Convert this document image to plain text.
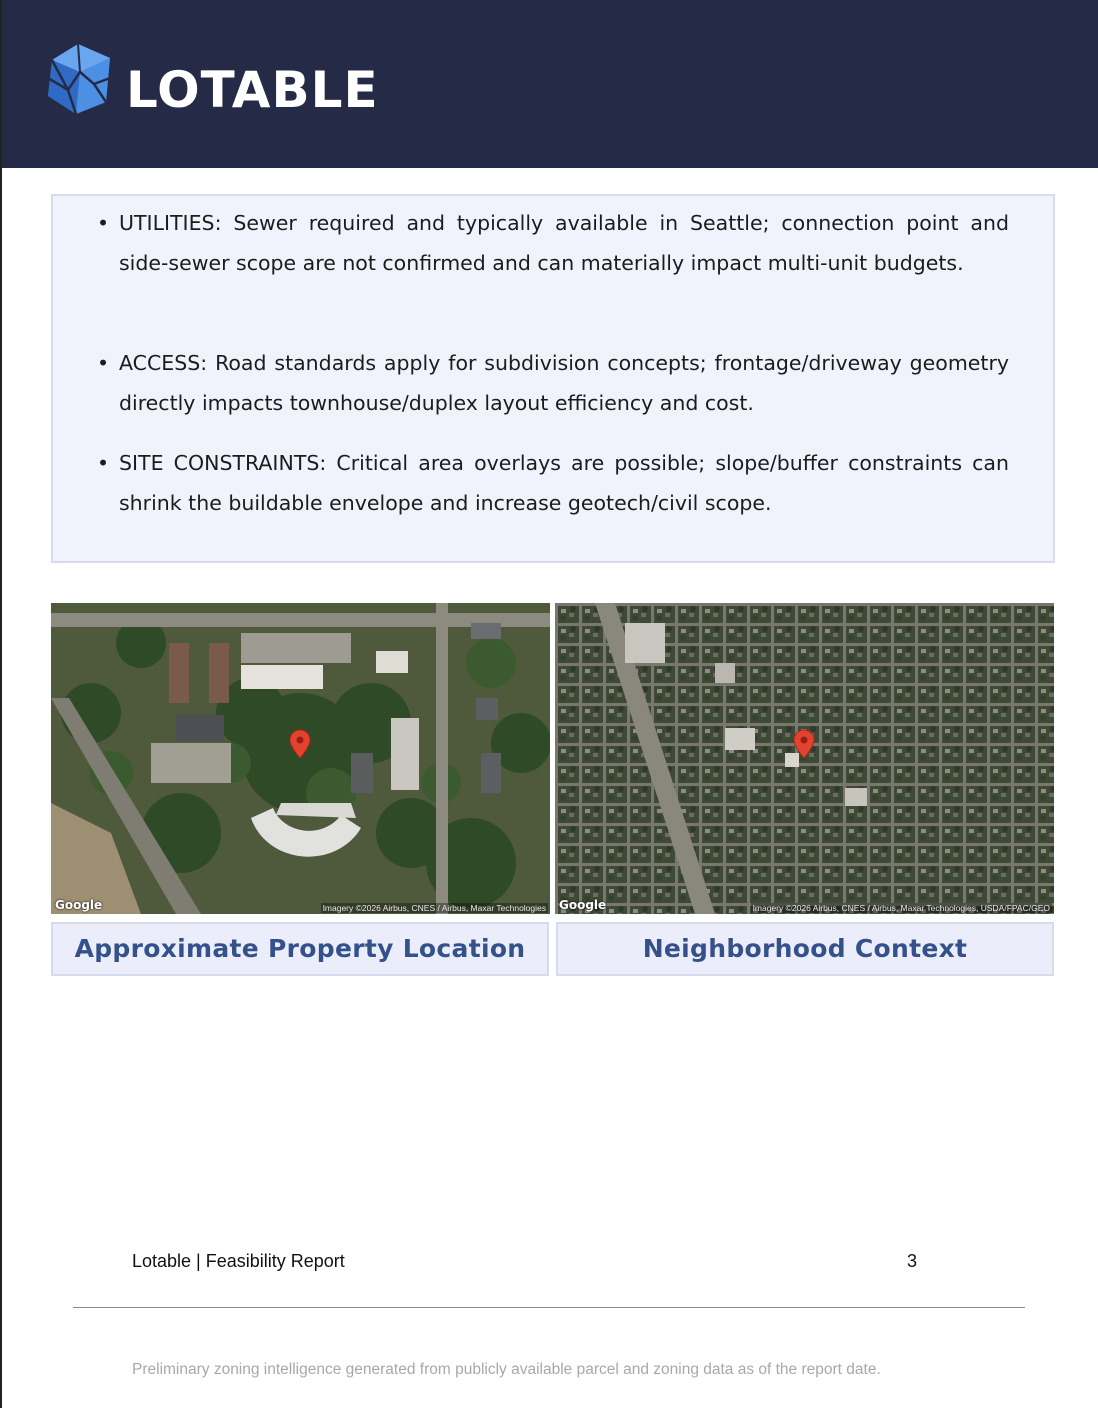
LOTABLE
• UTILITIES: Sewer required and typically available in Seattle; connection point and side-sewer scope are not confirmed and can materially impact multi-unit budgets.
• ACCESS: Road standards apply for subdivision concepts; frontage/driveway geometry directly impacts townhouse/duplex layout efficiency and cost.
• SITE CONSTRAINTS: Critical area overlays are possible; slope/buffer constraints can shrink the buildable envelope and increase geotech/civil scope.
Google	Imagery ©2026 Airbus, CNES / Airbus, Maxar Technologies Google	Imagery ©2026 Airbus, CNES / Airbus, Maxar Technologies, USDA/FPAC/GEO
Approximate Property Location	Neighborhood Context
Lotable | Feasibility Report	3
Preliminary zoning intelligence generated from publicly available parcel and zoning data as of the report date.
